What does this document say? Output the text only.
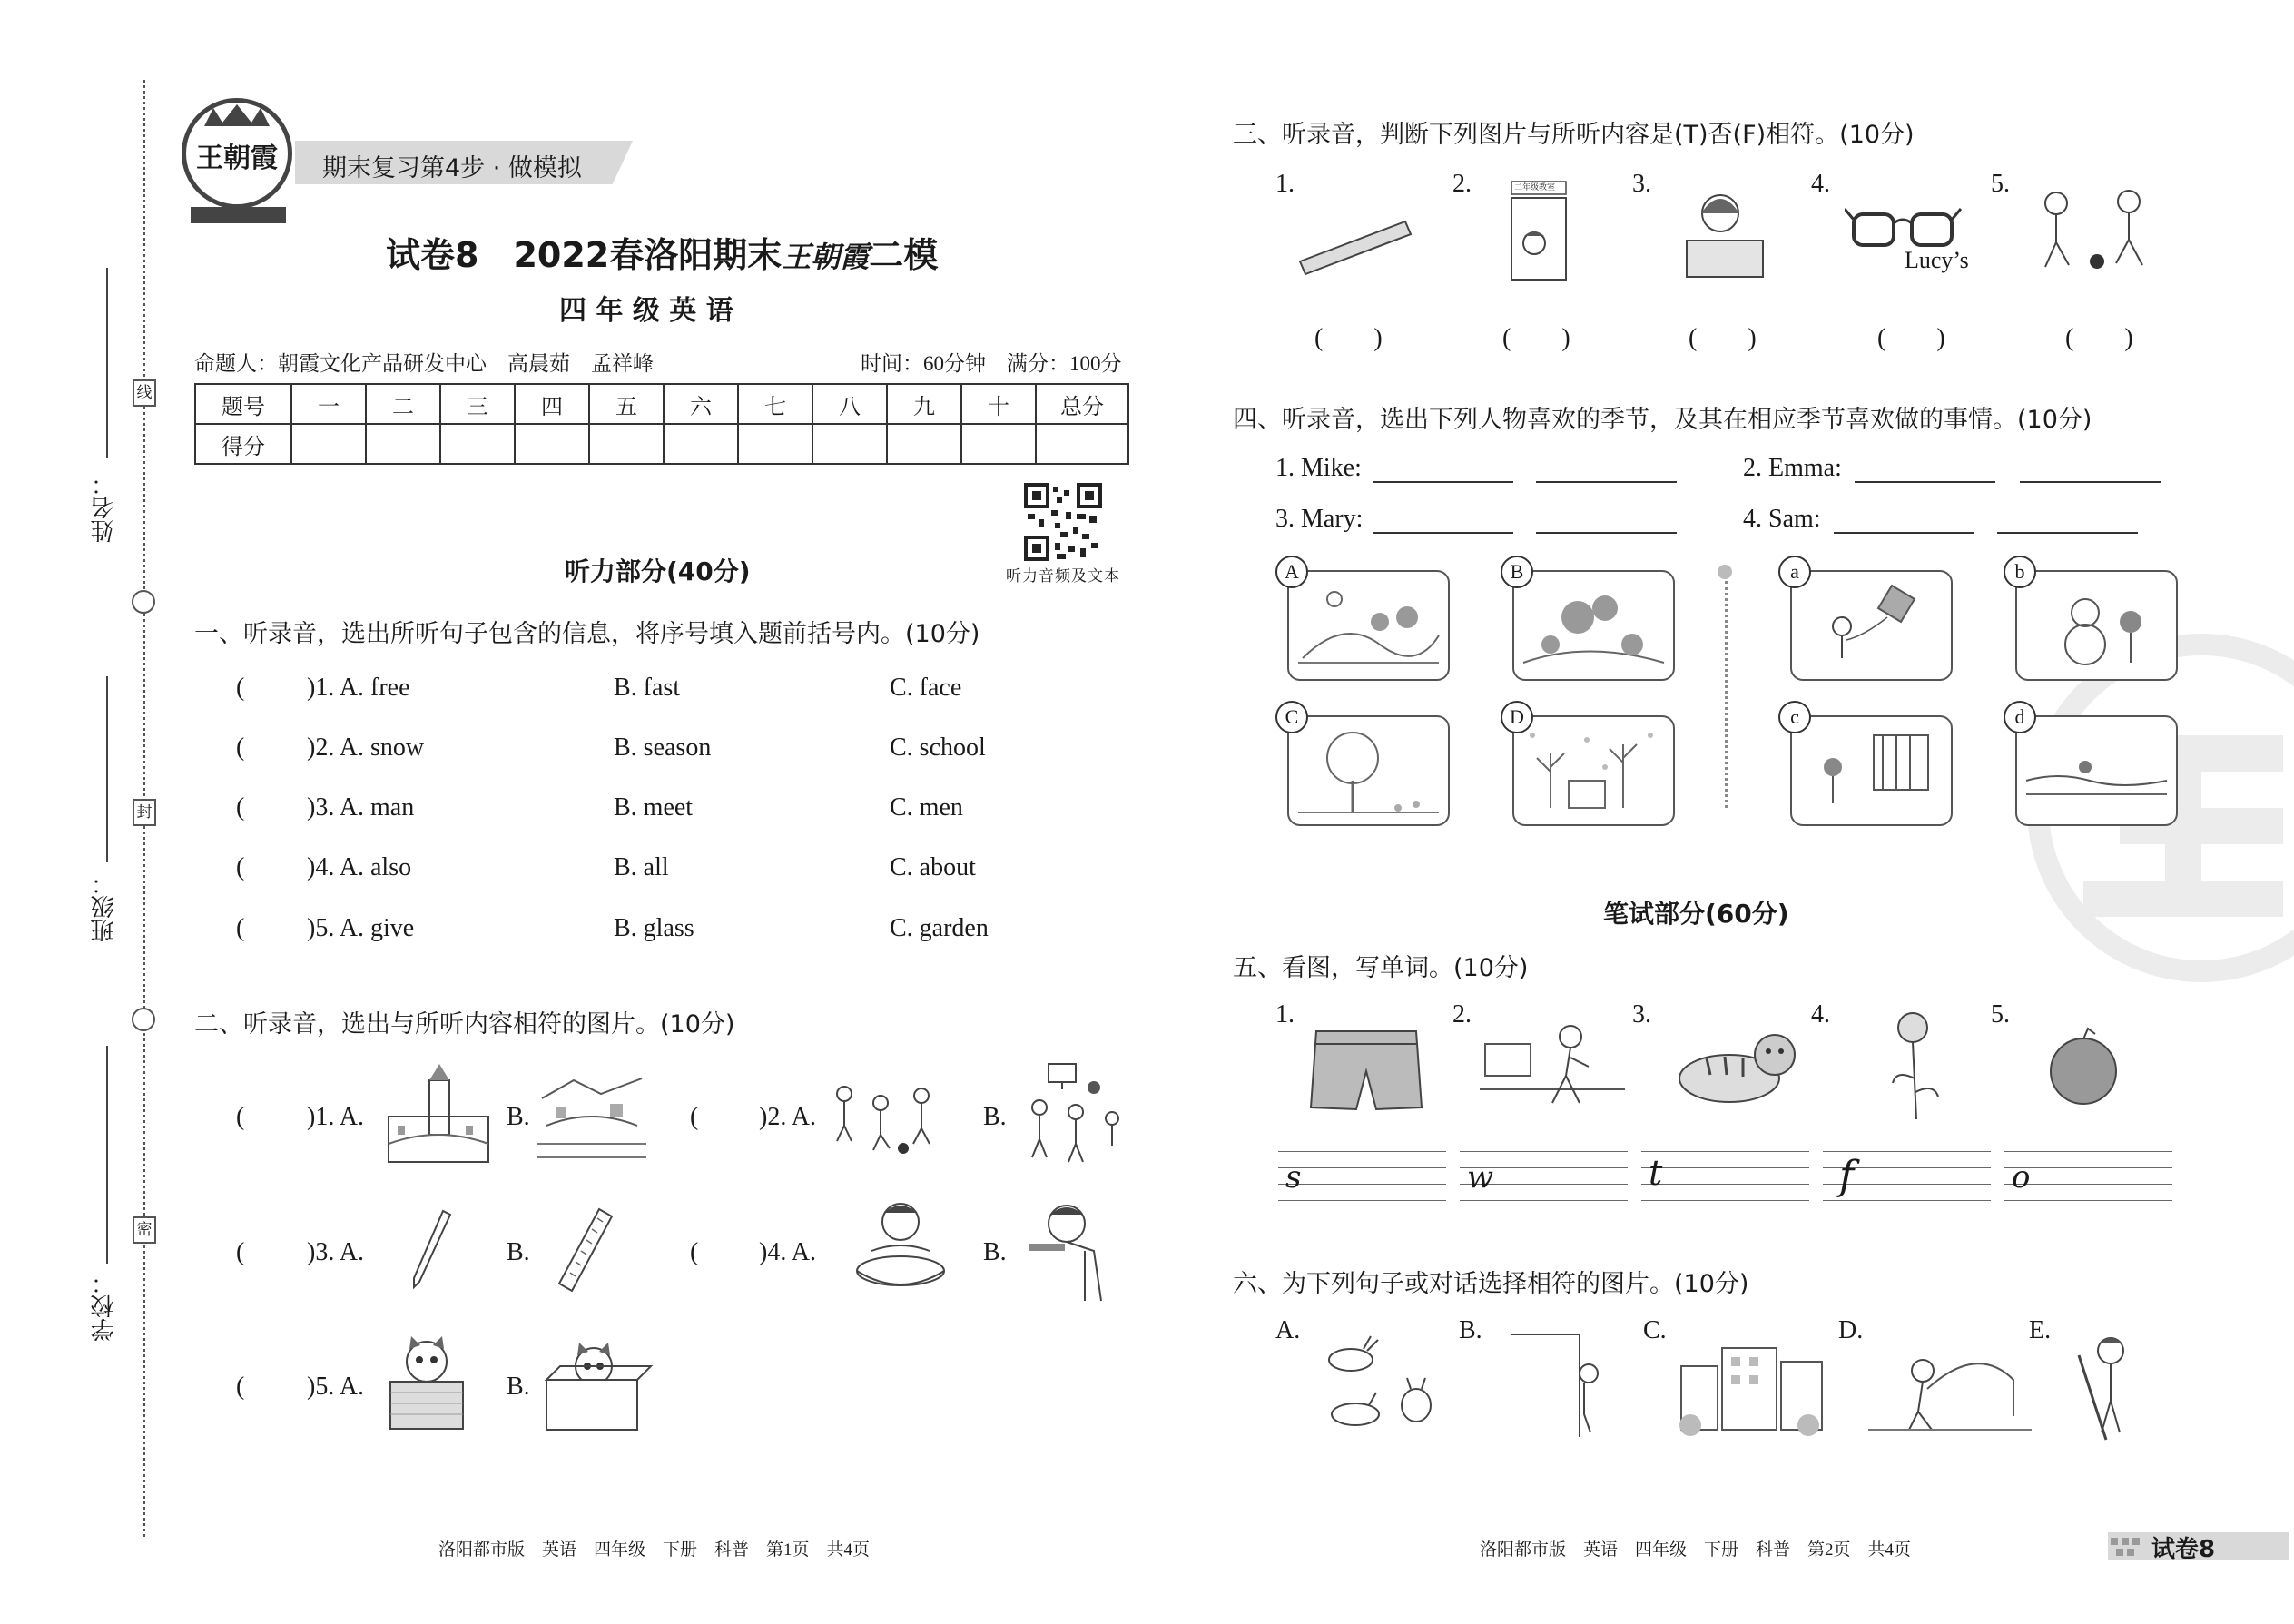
姓名：
班级：
学校：
线
封
密
期末复习第4步 · 做模拟
王朝霞
试卷8　2022春洛阳期末王朝霞二模
四 年 级 英 语
命题人：朝霞文化产品研发中心　高晨茹　孟祥峰	时间：60分钟　满分：100分
题号	一	二	三	四	五	六	七	八	九	十	总分
得分											
听力音频及文本
听力部分(40分)
一、听录音，选出所听句子包含的信息，将序号填入题前括号内。(10分)
( )1. A. free	B. fast	C. face
( )2. A. snow	B. season	C. school
( )3. A. man	B. meet	C. men
( )4. A. also	B. all	C. about
( )5. A. give	B. glass	C. garden
二、听录音，选出与所听内容相符的图片。(10分)
( )1. A.	B.	( )2. A.	B.
( )3. A.	B.	( )4. A.	B.
( )5. A.	B.
三、听录音，判断下列图片与所听内容是(T)否(F)相符。(10分)
1.	2.	3.	4.	5.
二年级教室
Lucy’s
(　　)	(　　)	(　　)	(　　)	(　　)
四、听录音，选出下列人物喜欢的季节，及其在相应季节喜欢做的事情。(10分)
1. Mike:	2. Emma:
3. Mary:	4. Sam:
A	B
C	D
a	b
c	d
笔试部分(60分)
五、看图，写单词。(10分)
1.	2.	3.	4.	5.
s	w	t	f	o
六、为下列句子或对话选择相符的图片。(10分)
A.	B.	C.	D.	E.
洛阳都市版　英语　四年级　下册　科普　第1页　共4页	洛阳都市版　英语　四年级　下册　科普　第2页　共4页	试卷8
